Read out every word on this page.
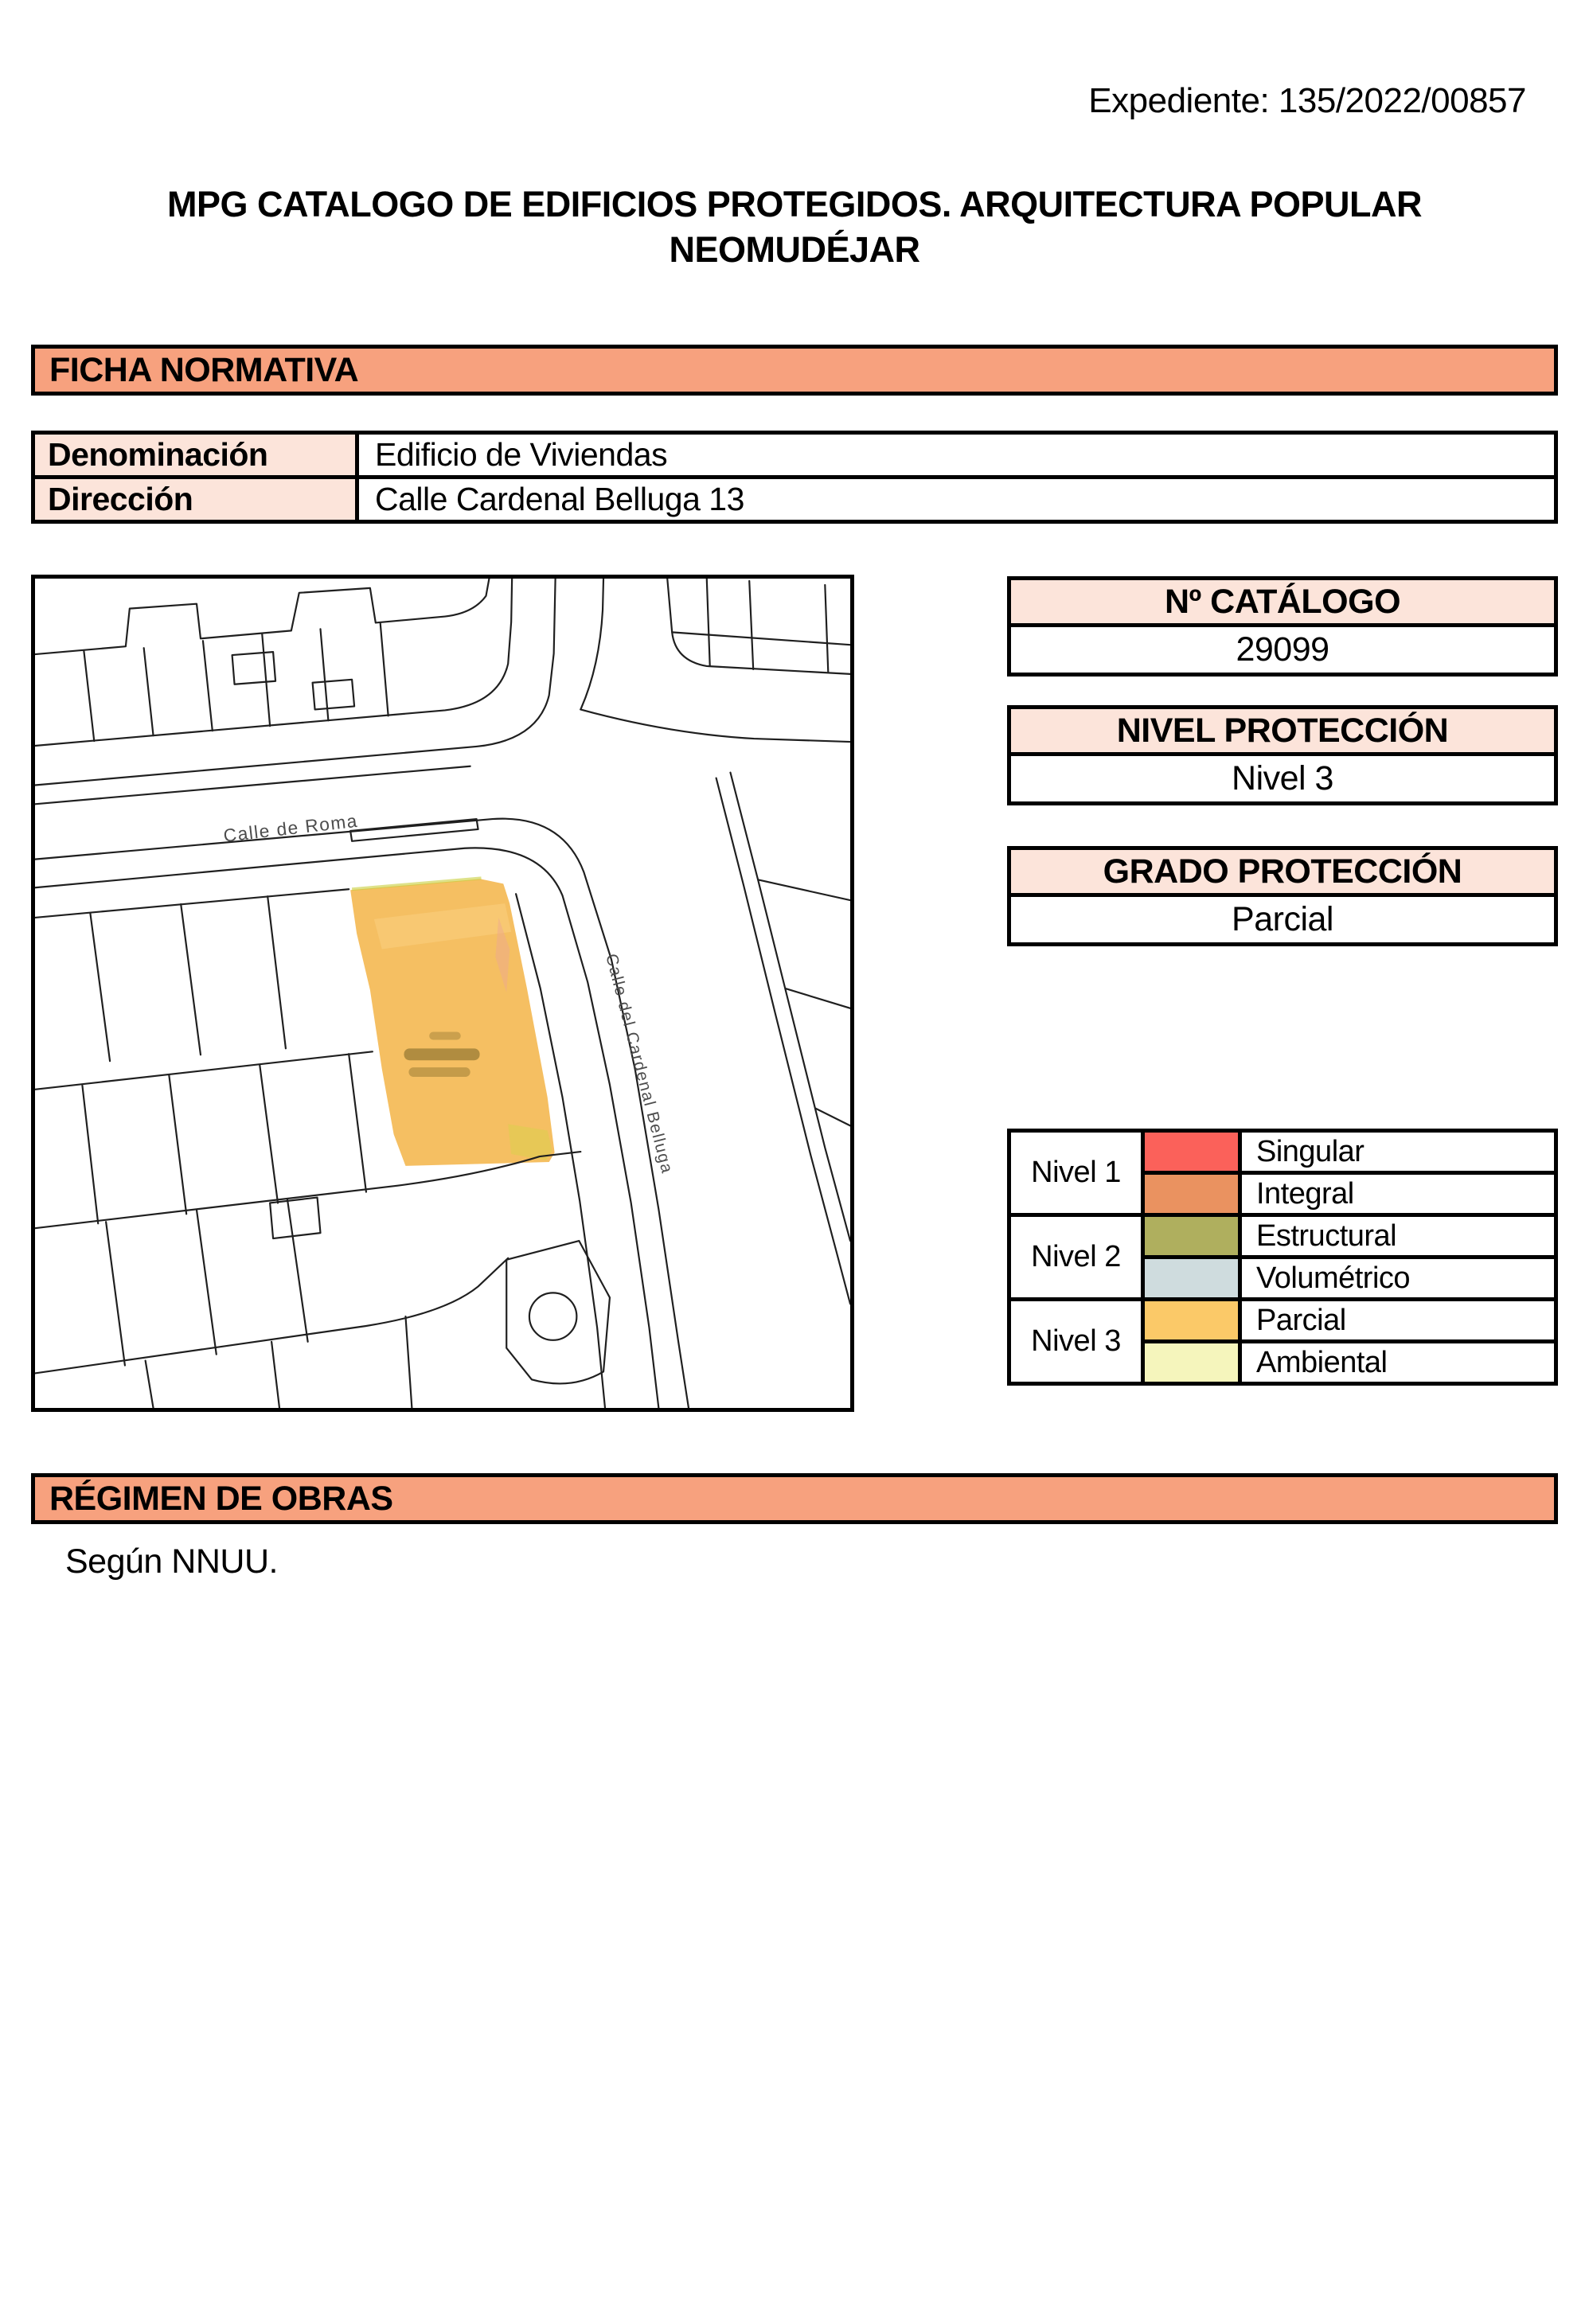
Expediente: 135/2022/00857
MPG CATALOGO DE EDIFICIOS PROTEGIDOS. ARQUITECTURA POPULAR
NEOMUDÉJAR
FICHA NORMATIVA
Denominación	Edificio de Viviendas
Dirección	Calle Cardenal Belluga 13
Calle de Roma
Calle del Cardenal Belluga
Nº CATÁLOGO
29099
NIVEL PROTECCIÓN
Nivel 3
GRADO PROTECCIÓN
Parcial
Nivel 1		Singular
		Integral
Nivel 2		Estructural
		Volumétrico
Nivel 3		Parcial
		Ambiental
RÉGIMEN DE OBRAS
Según NNUU.
